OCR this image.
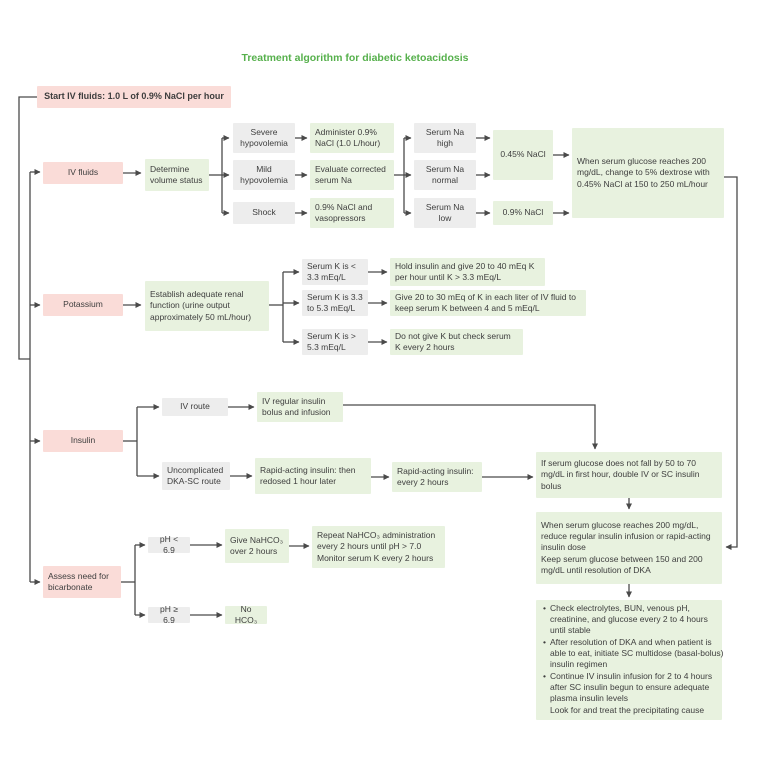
Treatment algorithm for diabetic ketoacidosis
Start IV fluids: 1.0 L of 0.9% NaCl per hour
IV fluids	Determine volume status
Severe hypovolemia
Mild hypovolemia
Shock
Administer 0.9% NaCl (1.0 L/hour)
Evaluate corrected serum Na
0.9% NaCl and vasopressors
Serum Na high
Serum Na normal
Serum Na low
0.45% NaCl
0.9% NaCl
When serum glucose reaches 200 mg/dL, change to 5% dextrose with 0.45% NaCl at 150 to 250 mL/hour
Potassium
Establish adequate renal function (urine output approximately 50 mL/hour)
Serum K is < 3.3 mEq/L
Serum K is 3.3 to 5.3 mEq/L
Serum K is > 5.3 mEq/L
Hold insulin and give 20 to 40 mEq K per hour until K > 3.3 mEq/L
Give 20 to 30 mEq of K in each liter of IV fluid to keep serum K between 4 and 5 mEq/L
Do not give K but check serum K every 2 hours
Insulin
IV route
Uncomplicated DKA-SC route
IV regular insulin bolus and infusion
Rapid-acting insulin: then redosed 1 hour later
Rapid-acting insulin: every 2 hours
If serum glucose does not fall by 50 to 70 mg/dL in first hour, double IV or SC insulin bolus
When serum glucose reaches 200 mg/dL, reduce regular insulin infusion or rapid-acting insulin dose
Keep serum glucose between 150 and 200 mg/dL until resolution of DKA
• Check electrolytes, BUN, venous pH, creatinine, and glucose every 2 to 4 hours until stable
• After resolution of DKA and when patient is able to eat, initiate SC multidose (basal-bolus) insulin regimen
• Continue IV insulin infusion for 2 to 4 hours after SC insulin begun to ensure adequate plasma insulin levels
Look for and treat the precipitating cause
Assess need for bicarbonate
pH < 6.9
pH ≥ 6.9
Give NaHCO₃ over 2 hours
Repeat NaHCO₃ administration every 2 hours until pH > 7.0
Monitor serum K every 2 hours
No HCO₃
